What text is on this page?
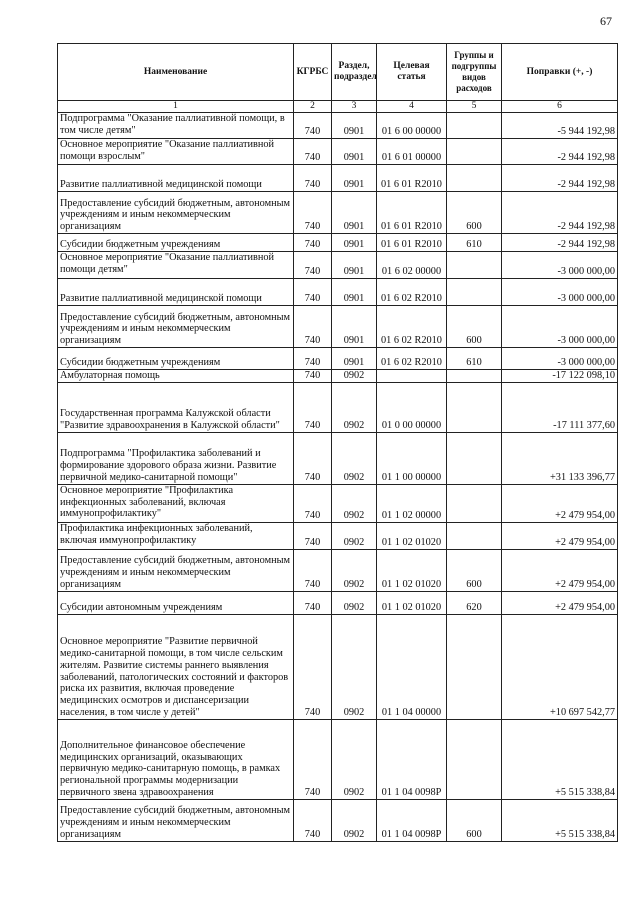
67
Наименование	КГРБС	Раздел, подраздел	Целевая статья	Группы и подгруппы видов расходов	Поправки (+, -)
1	2	3	4	5	6
Подпрограмма "Оказание паллиативной помощи, в том числе детям"	740	0901	01 6 00 00000		-5 944 192,98
Основное мероприятие "Оказание паллиативной помощи взрослым"	740	0901	01 6 01 00000		-2 944 192,98
Развитие паллиативной медицинской помощи	740	0901	01 6 01 R2010		-2 944 192,98
Предоставление субсидий бюджетным, автономным учреждениям и иным некоммерческим организациям	740	0901	01 6 01 R2010	600	-2 944 192,98
Субсидии бюджетным учреждениям	740	0901	01 6 01 R2010	610	-2 944 192,98
Основное мероприятие "Оказание паллиативной помощи детям"	740	0901	01 6 02 00000		-3 000 000,00
Развитие паллиативной медицинской помощи	740	0901	01 6 02 R2010		-3 000 000,00
Предоставление субсидий бюджетным, автономным учреждениям и иным некоммерческим организациям	740	0901	01 6 02 R2010	600	-3 000 000,00
Субсидии бюджетным учреждениям	740	0901	01 6 02 R2010	610	-3 000 000,00
Амбулаторная помощь	740	0902			-17 122 098,10
Государственная программа Калужской области "Развитие здравоохранения в Калужской области"	740	0902	01 0 00 00000		-17 111 377,60
Подпрограмма "Профилактика заболеваний и формирование здорового образа жизни. Развитие первичной медико-санитарной помощи"	740	0902	01 1 00 00000		+31 133 396,77
Основное мероприятие "Профилактика инфекционных заболеваний, включая иммунопрофилактику"	740	0902	01 1 02 00000		+2 479 954,00
Профилактика инфекционных заболеваний, включая иммунопрофилактику	740	0902	01 1 02 01020		+2 479 954,00
Предоставление субсидий бюджетным, автономным учреждениям и иным некоммерческим организациям	740	0902	01 1 02 01020	600	+2 479 954,00
Субсидии автономным учреждениям	740	0902	01 1 02 01020	620	+2 479 954,00
Основное мероприятие "Развитие первичной медико-санитарной помощи, в том числе сельским жителям. Развитие системы раннего выявления заболеваний, патологических состояний и факторов риска их развития, включая проведение медицинских осмотров и диспансеризации населения, в том числе у детей"	740	0902	01 1 04 00000		+10 697 542,77
Дополнительное финансовое обеспечение медицинских организаций, оказывающих первичную медико-санитарную помощь, в рамках региональной программы модернизации первичного звена здравоохранения	740	0902	01 1 04 0098P		+5 515 338,84
Предоставление субсидий бюджетным, автономным учреждениям и иным некоммерческим организациям	740	0902	01 1 04 0098P	600	+5 515 338,84
